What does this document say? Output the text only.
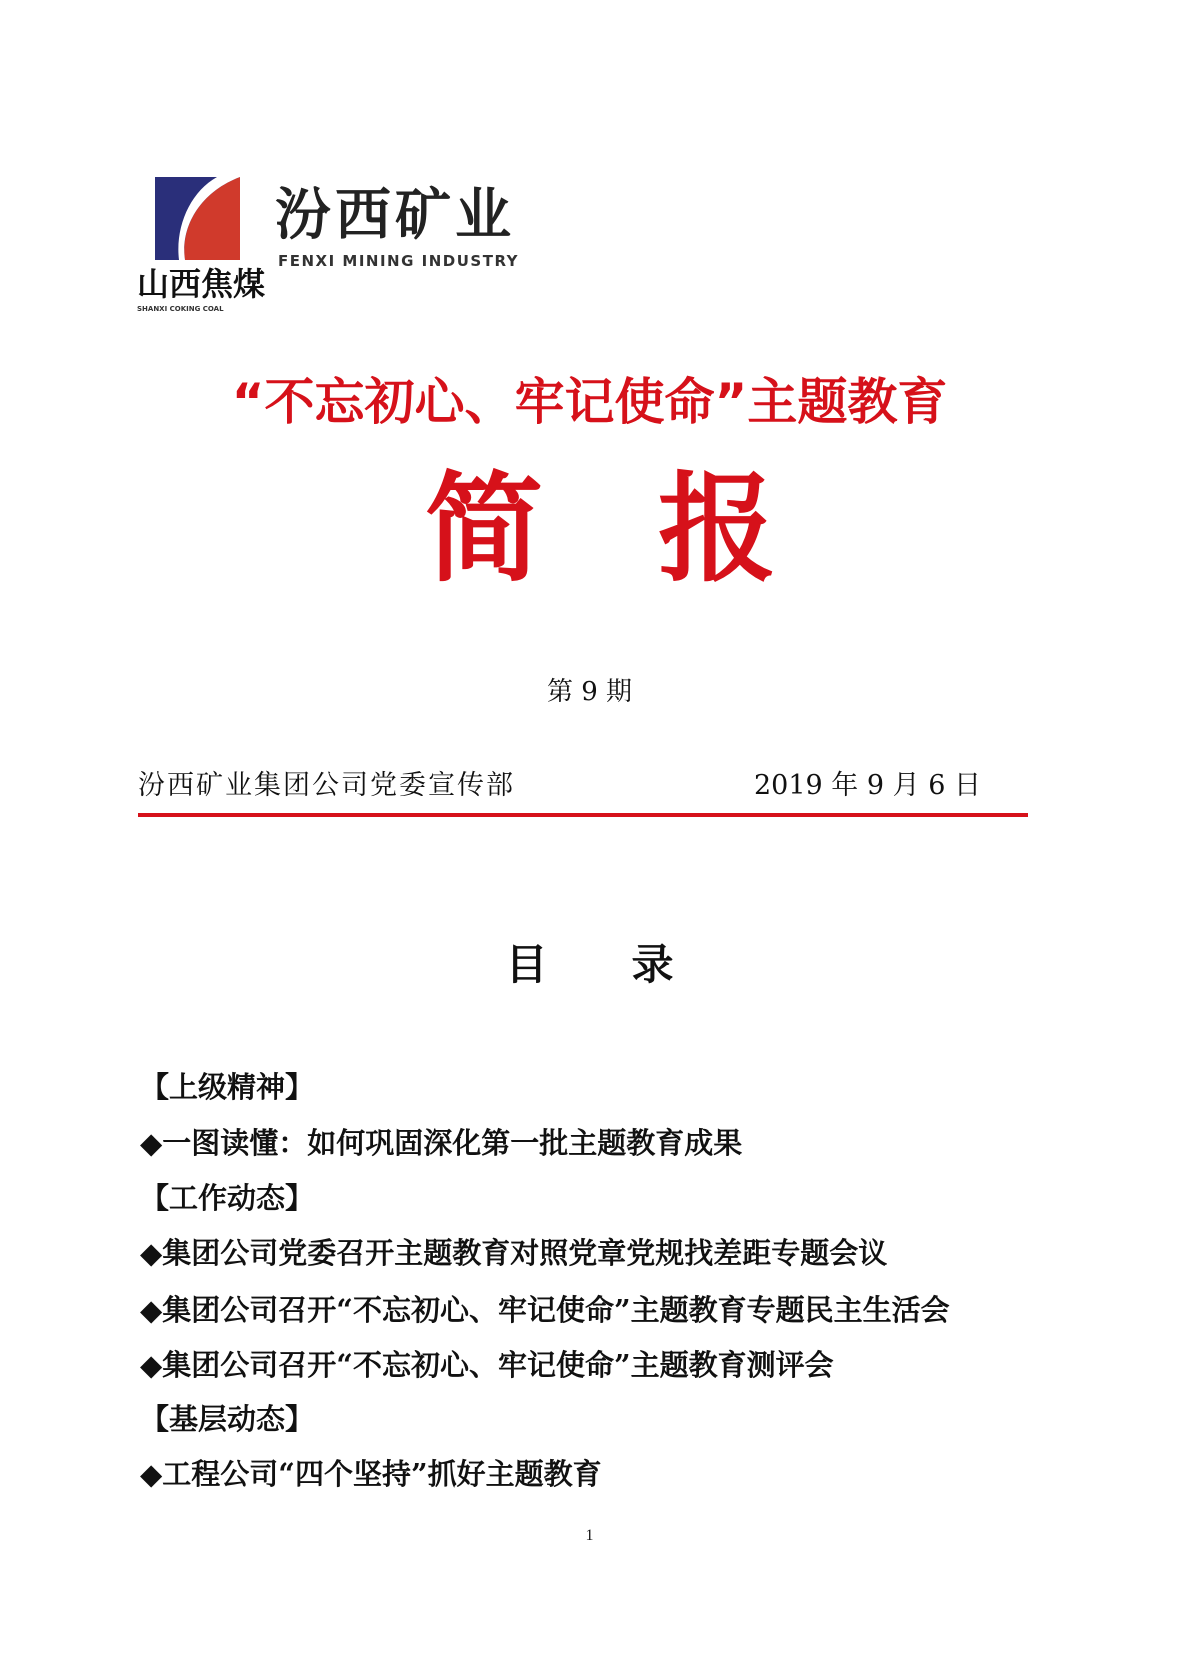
汾西矿业
FENXI MINING INDUSTRY
山西焦煤
SHANXI COKING COAL
“不忘初心、牢记使命”主题教育
简 报
第 9 期
汾西矿业集团公司党委宣传部	2019 年 9 月 6 日
目　　录
【上级精神】
◆一图读懂：如何巩固深化第一批主题教育成果
【工作动态】
◆集团公司党委召开主题教育对照党章党规找差距专题会议
◆集团公司召开“不忘初心、牢记使命”主题教育专题民主生活会
◆集团公司召开“不忘初心、牢记使命”主题教育测评会
【基层动态】
◆工程公司“四个坚持”抓好主题教育
1
